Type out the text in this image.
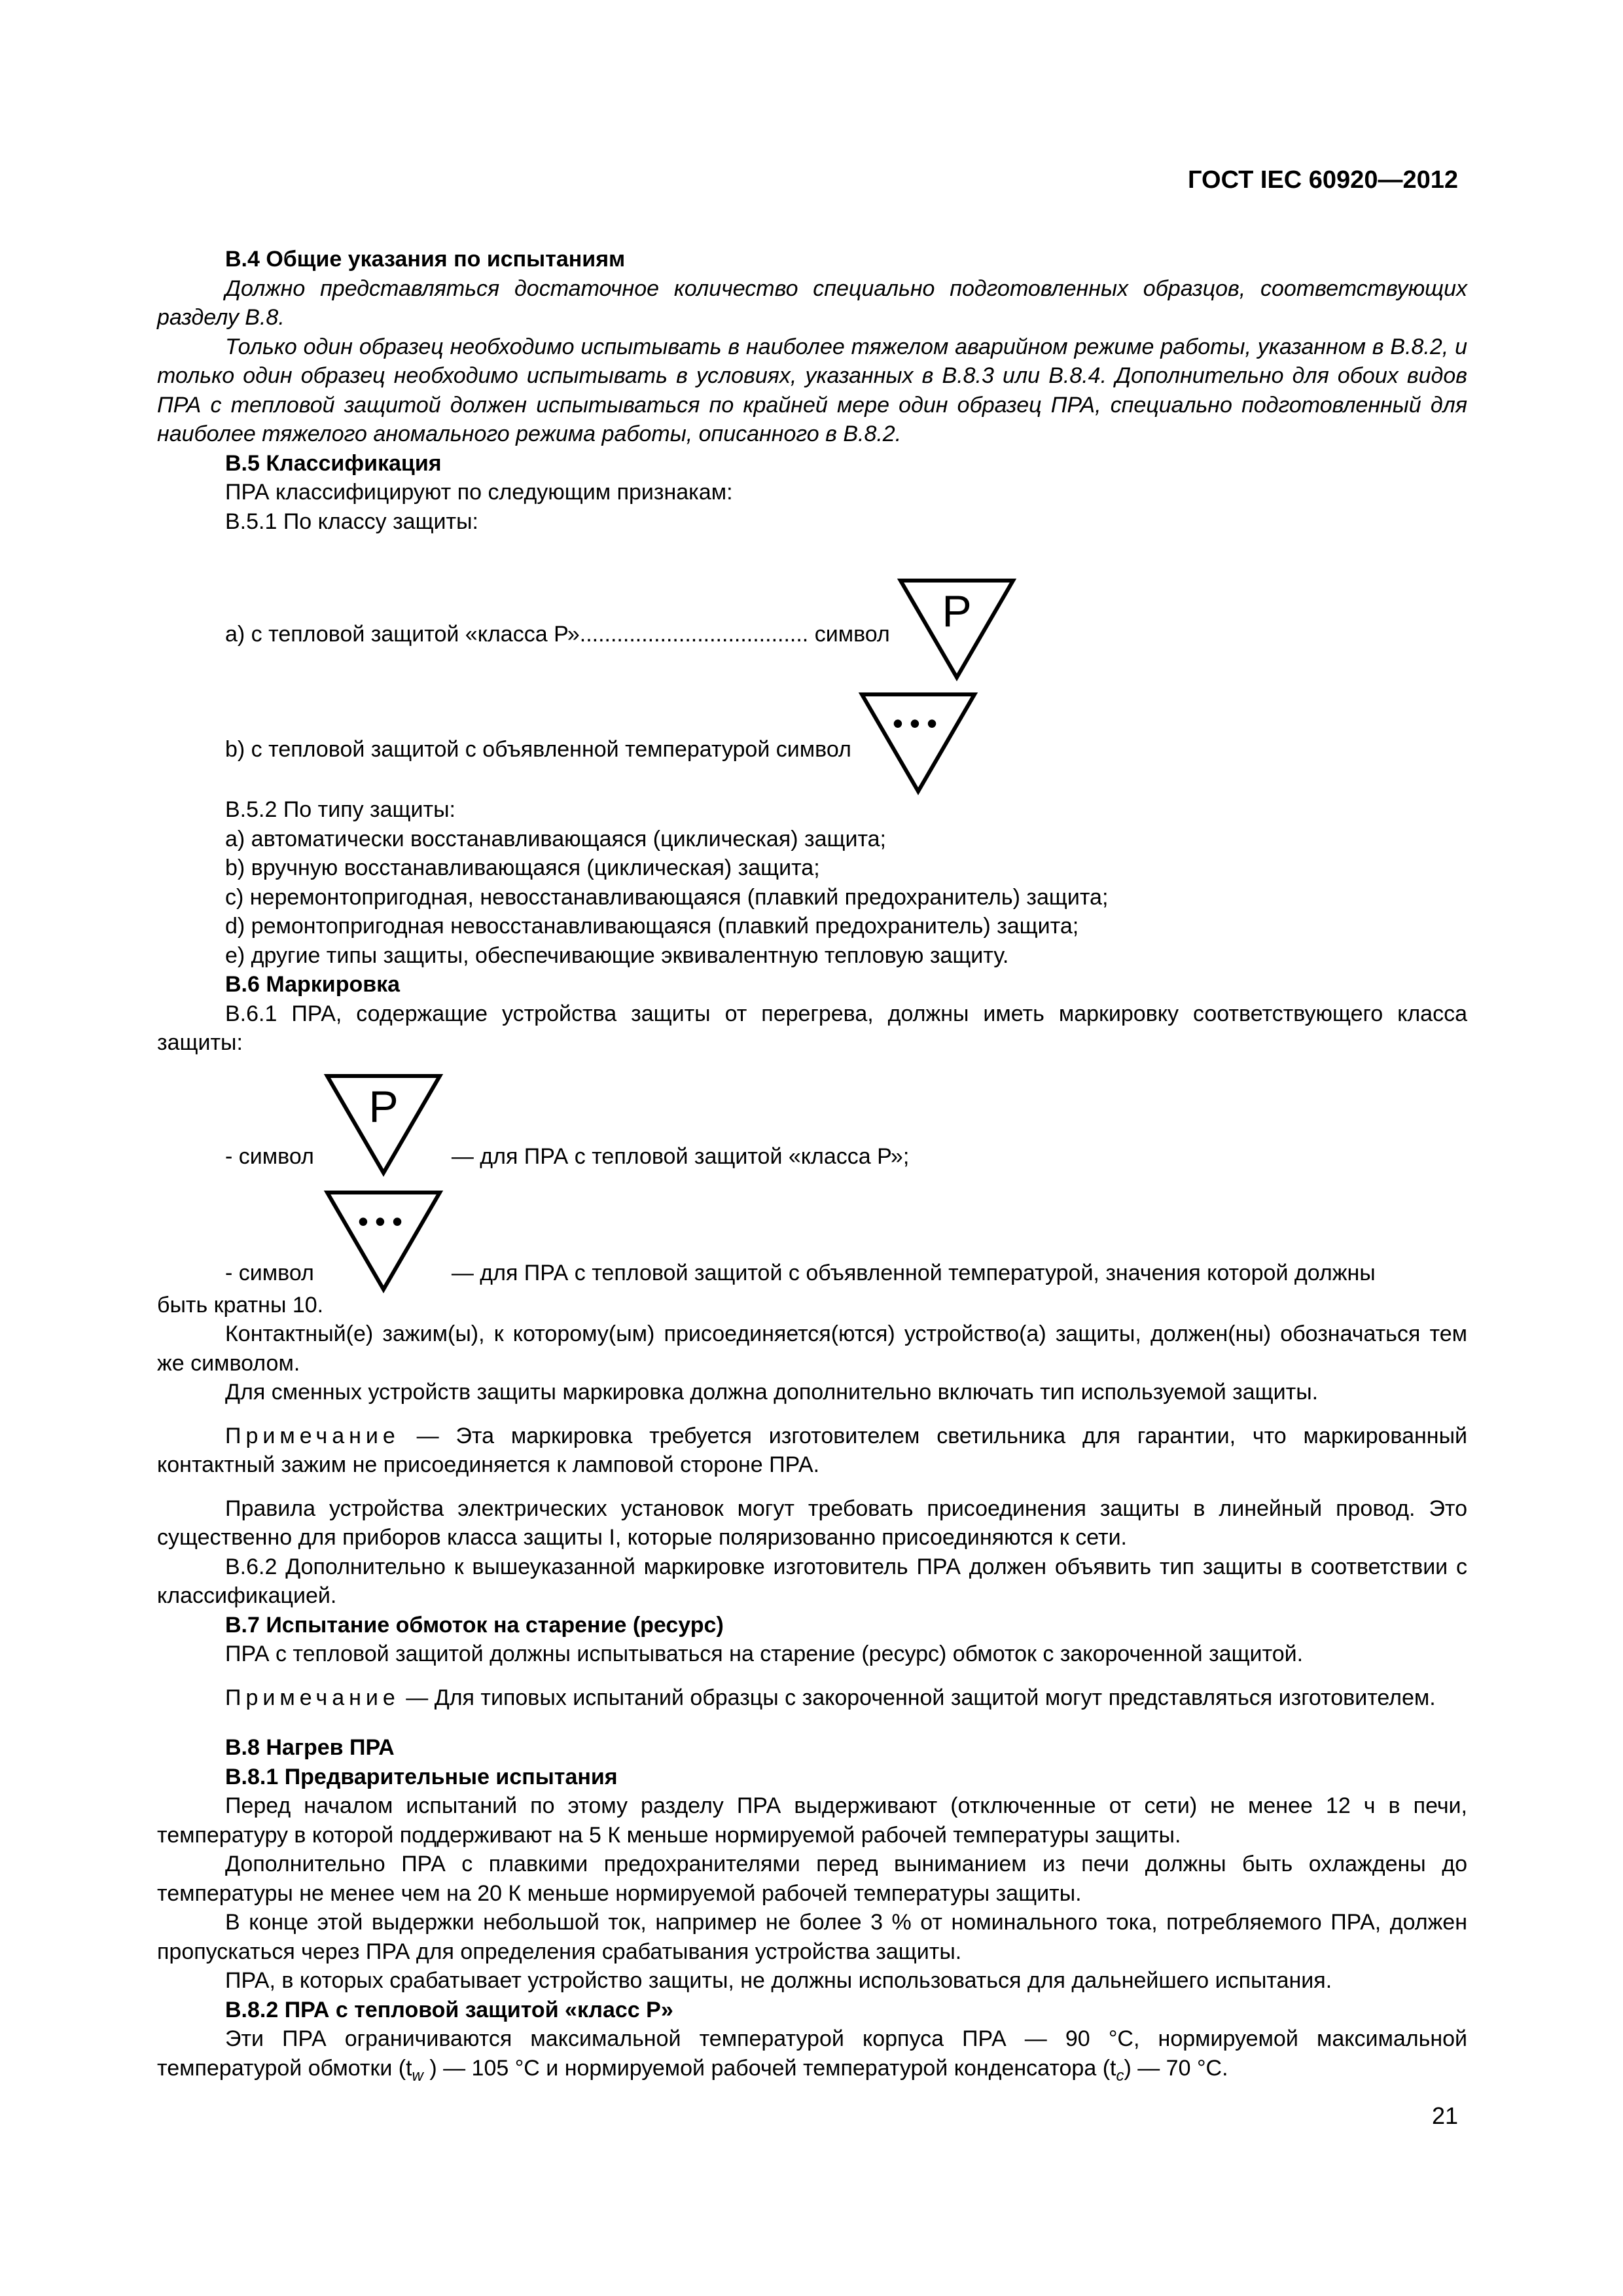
ГОСТ IEC 60920—2012

В.4 Общие указания по испытаниям

Должно представляться достаточное количество специально подготовленных образцов, соответствующих разделу В.8.

Только один образец необходимо испытывать в наиболее тяжелом аварийном режиме работы, указанном в В.8.2, и только один образец необходимо испытывать в условиях, указанных в В.8.3 или В.8.4. Дополнительно для обоих видов ПРА с тепловой защитой должен испытываться по крайней мере один образец ПРА, специально подготовленный для наиболее тяжелого аномального режима работы, описанного в В.8.2.

В.5 Классификация

ПРА классифицируют по следующим признакам:

В.5.1 По классу защиты:

а) с тепловой защитой «класса Р»..................................... символ P
b) с тепловой защитой с объявленной температурой символ
•••

В.5.2 По типу защиты:

а) автоматически восстанавливающаяся (циклическая) защита;

b) вручную восстанавливающаяся (циклическая) защита;

c) неремонтопригодная, невосстанавливающаяся (плавкий предохранитель) защита;

d) ремонтопригодная невосстанавливающаяся (плавкий предохранитель) защита;

е) другие типы защиты, обеспечивающие эквивалентную тепловую защиту.

В.6 Маркировка

В.6.1 ПРА, содержащие устройства защиты от перегрева, должны иметь маркировку соответствующего класса защиты:

- символ
P
— для ПРА с тепловой защитой «класса Р»;
- символ
•••
— для ПРА с тепловой защитой с объявленной температурой, значения которой должны

быть кратны 10.

Контактный(е) зажим(ы), к которому(ым) присоединяется(ются) устройство(а) защиты, должен(ны) обозначаться тем же символом.

Для сменных устройств защиты маркировка должна дополнительно включать тип используемой защиты.

Примечание — Эта маркировка требуется изготовителем светильника для гарантии, что маркированный контактный зажим не присоединяется к ламповой стороне ПРА.

Правила устройства электрических установок могут требовать присоединения защиты в линейный провод. Это существенно для приборов класса защиты I, которые поляризованно присоединяются к сети.

В.6.2 Дополнительно к вышеуказанной маркировке изготовитель ПРА должен объявить тип защиты в соответствии с классификацией.

В.7 Испытание обмоток на старение (ресурс)

ПРА с тепловой защитой должны испытываться на старение (ресурс) обмоток с закороченной защитой.

Примечание — Для типовых испытаний образцы с закороченной защитой могут представляться изготовителем.

В.8 Нагрев ПРА

В.8.1 Предварительные испытания

Перед началом испытаний по этому разделу ПРА выдерживают (отключенные от сети) не менее 12 ч в печи, температуру в которой поддерживают на 5 К меньше нормируемой рабочей температуры защиты.

Дополнительно ПРА с плавкими предохранителями перед выниманием из печи должны быть охлаждены до температуры не менее чем на 20 К меньше нормируемой рабочей температуры защиты.

В конце этой выдержки небольшой ток, например не более 3 % от номинального тока, потребляемого ПРА, должен пропускаться через ПРА для определения срабатывания устройства защиты.

ПРА, в которых срабатывает устройство защиты, не должны использоваться для дальнейшего испытания.

В.8.2 ПРА с тепловой защитой «класс Р»

Эти ПРА ограничиваются максимальной температурой корпуса ПРА — 90 °С, нормируемой максимальной температурой обмотки ($t_w$ ) — 105 °С и нормируемой рабочей температурой конденсатора $(t_c)$ — 70 °С.

21
